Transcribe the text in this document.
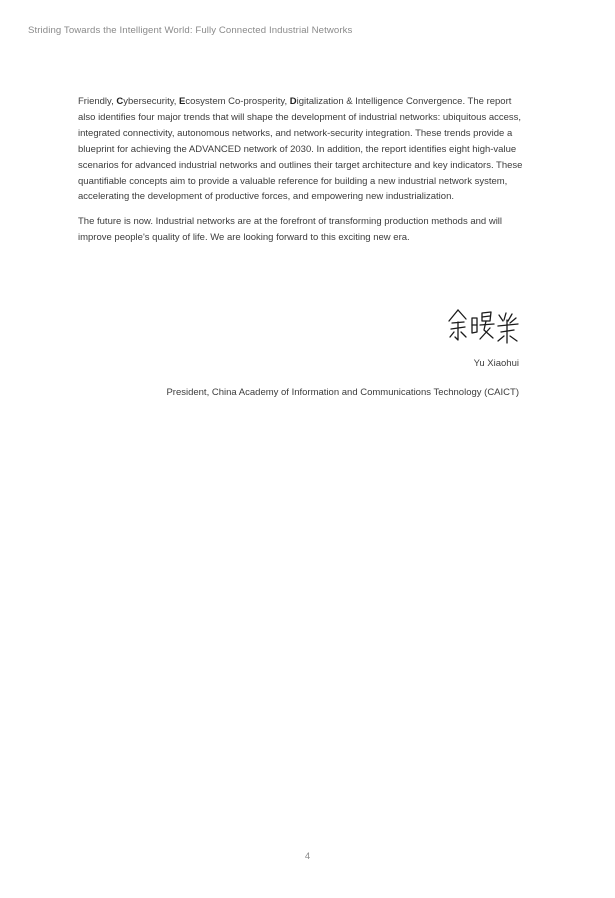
Striding Towards the Intelligent World: Fully Connected Industrial Networks

Friendly, Cybersecurity, Ecosystem Co-prosperity, Digitalization & Intelligence Convergence. The report also identifies four major trends that will shape the development of industrial networks: ubiquitous access, integrated connectivity, autonomous networks, and network-security integration. These trends provide a blueprint for achieving the ADVANCED network of 2030. In addition, the report identifies eight high-value scenarios for advanced industrial networks and outlines their target architecture and key indicators. These quantifiable concepts aim to provide a valuable reference for building a new industrial network system, accelerating the development of productive forces, and empowering new industrialization.

The future is now. Industrial networks are at the forefront of transforming production methods and will improve people's quality of life. We are looking forward to this exciting new era.

Yu Xiaohui
President, China Academy of Information and Communications Technology (CAICT)
4
